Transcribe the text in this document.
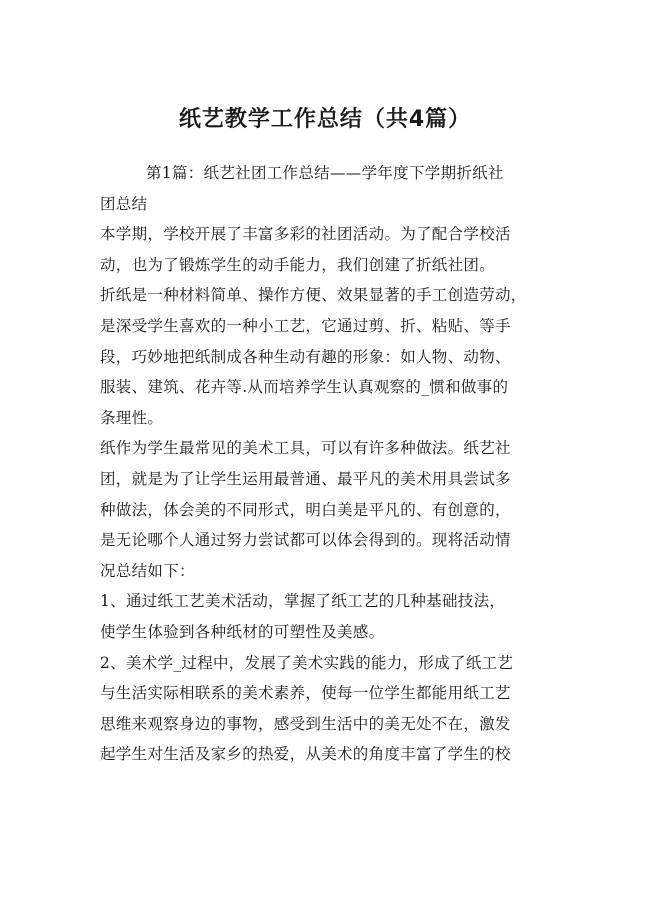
纸艺教学工作总结（共4篇）

第1篇：纸艺社团工作总结——学年度下学期折纸社
团总结

本学期，学校开展了丰富多彩的社团活动。为了配合学校活
动，也为了锻炼学生的动手能力，我们创建了折纸社团。

折纸是一种材料简单、操作方便、效果显著的手工创造劳动，
是深受学生喜欢的一种小工艺，它通过剪、折、粘贴、等手
段，巧妙地把纸制成各种生动有趣的形象：如人物、动物、
服装、建筑、花卉等.从而培养学生认真观察的_惯和做事的
条理性。

纸作为学生最常见的美术工具，可以有许多种做法。纸艺社
团，就是为了让学生运用最普通、最平凡的美术用具尝试多
种做法，体会美的不同形式，明白美是平凡的、有创意的，
是无论哪个人通过努力尝试都可以体会得到的。现将活动情
况总结如下：

1、通过纸工艺美术活动，掌握了纸工艺的几种基础技法，
使学生体验到各种纸材的可塑性及美感。

2、美术学_过程中，发展了美术实践的能力，形成了纸工艺
与生活实际相联系的美术素养，使每一位学生都能用纸工艺
思维来观察身边的事物，感受到生活中的美无处不在，激发
起学生对生活及家乡的热爱，从美术的角度丰富了学生的校
